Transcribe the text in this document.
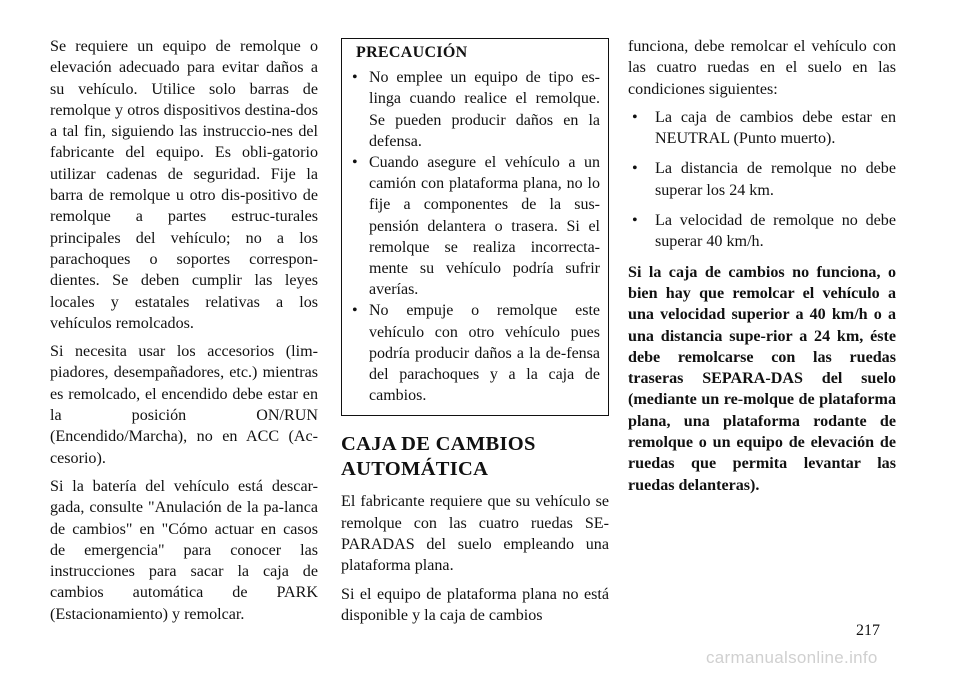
Se requiere un equipo de remolque o elevación adecuado para evitar daños a su vehículo. Utilice solo barras de remolque y otros dispositivos destina-dos a tal fin, siguiendo las instruccio-nes del fabricante del equipo. Es obli-gatorio utilizar cadenas de seguridad. Fije la barra de remolque u otro dis-positivo de remolque a partes estruc-turales principales del vehículo; no a los parachoques o soportes correspon-dientes. Se deben cumplir las leyes locales y estatales relativas a los vehículos remolcados.

Si necesita usar los accesorios (lim-piadores, desempañadores, etc.) mientras es remolcado, el encendido debe estar en la posición ON/RUN (Encendido/Marcha), no en ACC (Ac-cesorio).

Si la batería del vehículo está descar-gada, consulte "Anulación de la pa-lanca de cambios" en "Cómo actuar en casos de emergencia" para conocer las instrucciones para sacar la caja de cambios automática de PARK (Estacionamiento) y remolcar.

PRECAUCIÓN
• No emplee un equipo de tipo es-linga cuando realice el remolque. Se pueden producir daños en la defensa.
• Cuando asegure el vehículo a un camión con plataforma plana, no lo fije a componentes de la sus-pensión delantera o trasera. Si el remolque se realiza incorrecta-mente su vehículo podría sufrir averías.
• No empuje o remolque este vehículo con otro vehículo pues podría producir daños a la de-fensa del parachoques y a la caja de cambios.
CAJA DE CAMBIOS
AUTOMÁTICA

El fabricante requiere que su vehículo se remolque con las cuatro ruedas SE-PARADAS del suelo empleando una plataforma plana.

Si el equipo de plataforma plana no está disponible y la caja de cambios

funciona, debe remolcar el vehículo con las cuatro ruedas en el suelo en las condiciones siguientes:

• La caja de cambios debe estar en NEUTRAL (Punto muerto).
• La distancia de remolque no debe superar los 24 km.
• La velocidad de remolque no debe superar 40 km/h.

Si la caja de cambios no funciona, o bien hay que remolcar el vehículo a una velocidad superior a 40 km/h o a una distancia supe-rior a 24 km, éste debe remolcarse con las ruedas traseras SEPARA-DAS del suelo (mediante un re-molque de plataforma plana, una plataforma rodante de remolque o un equipo de elevación de ruedas que permita levantar las ruedas delanteras).

217
carmanualsonline.info
